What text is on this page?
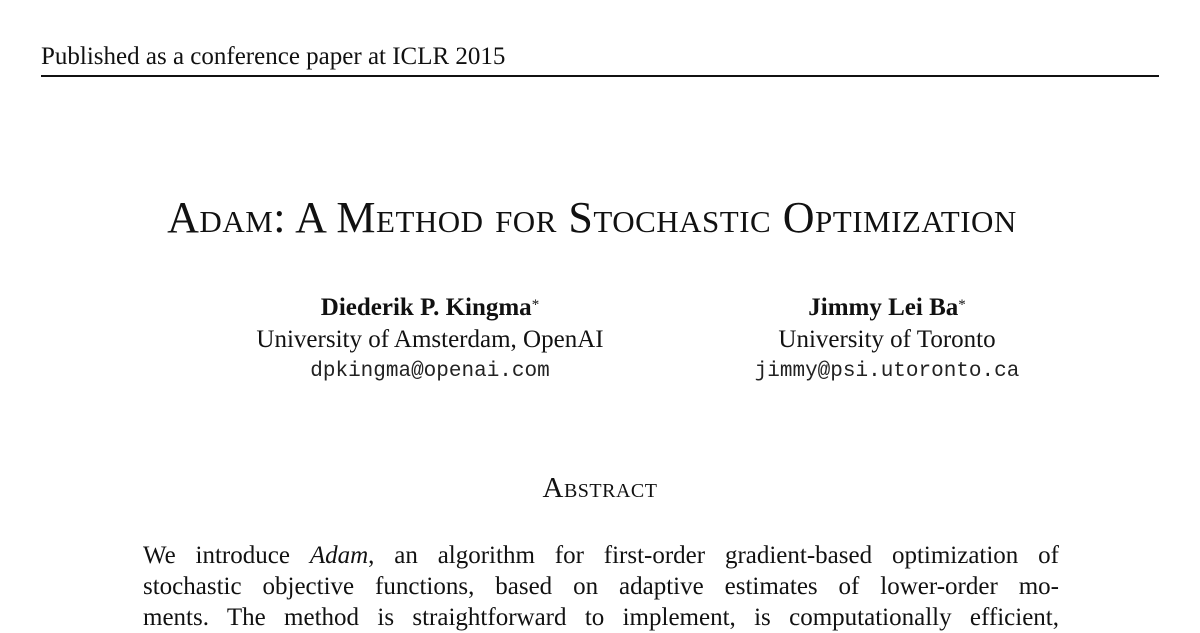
Published as a conference paper at ICLR 2015
Adam: A Method for Stochastic Optimization
Diederik P. Kingma*
University of Amsterdam, OpenAI
dpkingma@openai.com
Jimmy Lei Ba*
University of Toronto
jimmy@psi.utoronto.ca
Abstract
We introduce Adam, an algorithm for first-order gradient-based optimization of
stochastic objective functions, based on adaptive estimates of lower-order mo-
ments. The method is straightforward to implement, is computationally efficient,
